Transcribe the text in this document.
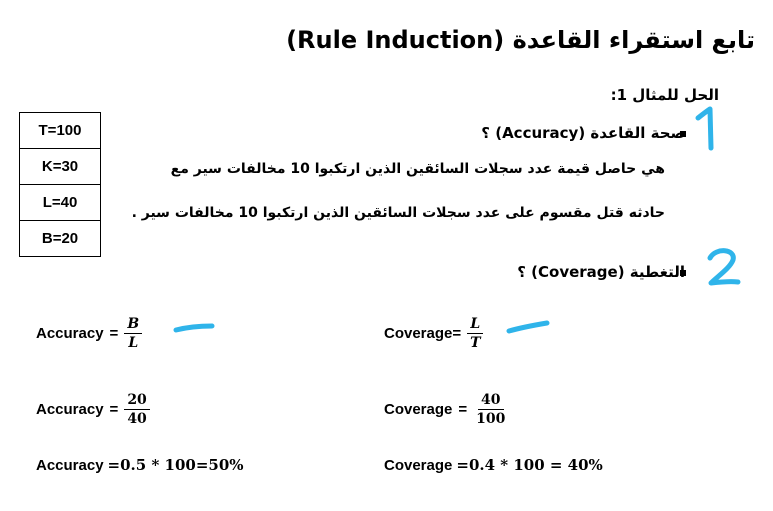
تابع استقراء القاعدة (Rule Induction)
الحل للمثال 1:
صحة القاعدة (Accuracy) ؟
هي حاصل قيمة عدد سجلات السائقين الذين ارتكبوا 10 مخالفات سير مع
حادثه قتل مقسوم على عدد سجلات السائقين الذين ارتكبوا 10 مخالفات سير .
التغطية (Coverage) ؟
T=100
K=30
L=40
B=20
Accuracy = $\frac{B}{L}$	Coverage = $\frac{L}{T}$
Accuracy = $\frac{20}{40}$	Coverage = $\frac{40}{100}$
Accuracy = 0.5 * 100=50%	Coverage = 0.4 * 100 = 40%
